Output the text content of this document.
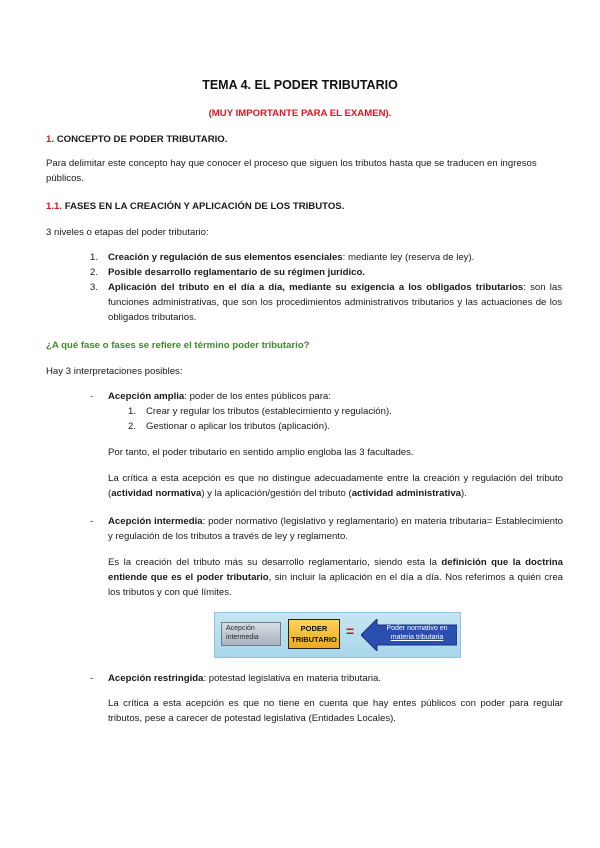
TEMA 4. EL PODER TRIBUTARIO
(MUY IMPORTANTE PARA EL EXAMEN).
1. CONCEPTO DE PODER TRIBUTARIO.
Para delimitar este concepto hay que conocer el proceso que siguen los tributos hasta que se traducen en ingresos públicos.
1.1. FASES EN LA CREACIÓN Y APLICACIÓN DE LOS TRIBUTOS.
3 niveles o etapas del poder tributario:
1. Creación y regulación de sus elementos esenciales: mediante ley (reserva de ley).
2. Posible desarrollo reglamentario de su régimen jurídico.
3. Aplicación del tributo en el día a día, mediante su exigencia a los obligados tributarios: son las funciones administrativas, que son los procedimientos administrativos tributarios y las actuaciones de los obligados tributarios.
¿A qué fase o fases se refiere el término poder tributario?
Hay 3 interpretaciones posibles:
- Acepción amplia: poder de los entes públicos para:
1. Crear y regular los tributos (establecimiento y regulación).
2. Gestionar o aplicar los tributos (aplicación).
Por tanto, el poder tributario en sentido amplio engloba las 3 facultades.
La crítica a esta acepción es que no distingue adecuadamente entre la creación y regulación del tributo (actividad normativa) y la aplicación/gestión del tributo (actividad administrativa).
- Acepción intermedia: poder normativo (legislativo y reglamentario) en materia tributaria= Establecimiento y regulación de los tributos a través de ley y reglamento.
Es la creación del tributo más su desarrollo reglamentario, siendo esta la definición que la doctrina entiende que es el poder tributario, sin incluir la aplicación en el día a día. Nos referimos a quién crea los tributos y con qué límites.
Acepción
intermedia
PODER
TRIBUTARIO
=	Poder normativo en
materia tributaria
- Acepción restringida: potestad legislativa en materia tributaria.
La crítica a esta acepción es que no tiene en cuenta que hay entes públicos con poder para regular tributos, pese a carecer de potestad legislativa (Entidades Locales).
